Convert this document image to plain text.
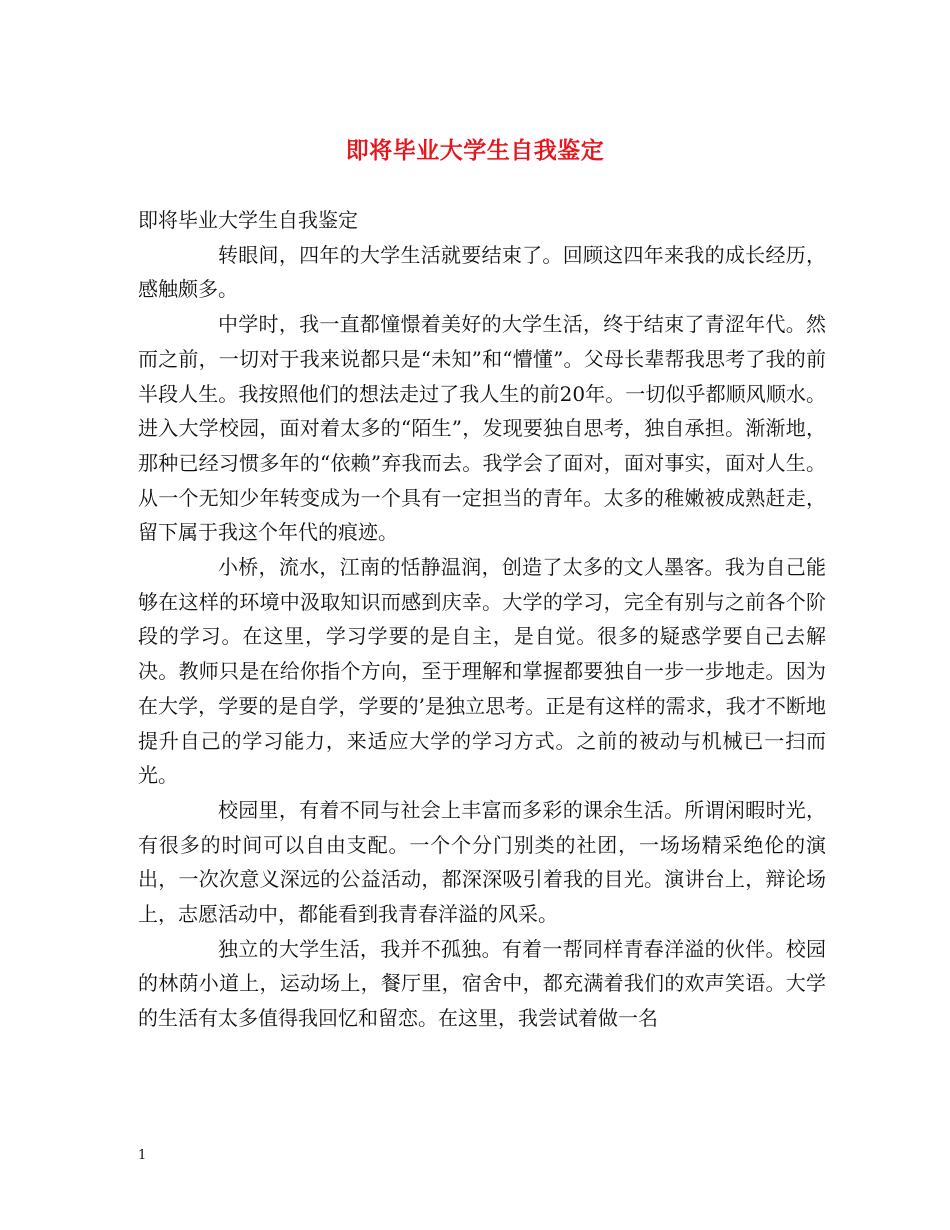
即将毕业大学生自我鉴定

即将毕业大学生自我鉴定

转眼间，四年的大学生活就要结束了。回顾这四年来我的成长经历，感触颇多。

中学时，我一直都憧憬着美好的大学生活，终于结束了青涩年代。然而之前，一切对于我来说都只是“未知”和“懵懂”。父母长辈帮我思考了我的前半段人生。我按照他们的想法走过了我人生的前20年。一切似乎都顺风顺水。进入大学校园，面对着太多的“陌生”，发现要独自思考，独自承担。渐渐地，那种已经习惯多年的“依赖”弃我而去。我学会了面对，面对事实，面对人生。从一个无知少年转变成为一个具有一定担当的青年。太多的稚嫩被成熟赶走，留下属于我这个年代的痕迹。

小桥，流水，江南的恬静温润，创造了太多的文人墨客。我为自己能够在这样的环境中汲取知识而感到庆幸。大学的学习，完全有别与之前各个阶段的学习。在这里，学习学要的是自主，是自觉。很多的疑惑学要自己去解决。教师只是在给你指个方向，至于理解和掌握都要独自一步一步地走。因为在大学，学要的是自学，学要的’是独立思考。正是有这样的需求，我才不断地提升自己的学习能力，来适应大学的学习方式。之前的被动与机械已一扫而光。

校园里，有着不同与社会上丰富而多彩的课余生活。所谓闲暇时光，有很多的时间可以自由支配。一个个分门别类的社团，一场场精采绝伦的演出，一次次意义深远的公益活动，都深深吸引着我的目光。演讲台上，辩论场上，志愿活动中，都能看到我青春洋溢的风采。

独立的大学生活，我并不孤独。有着一帮同样青春洋溢的伙伴。校园的林荫小道上，运动场上，餐厅里，宿舍中，都充满着我们的欢声笑语。大学的生活有太多值得我回忆和留恋。在这里，我尝试着做一名

1
